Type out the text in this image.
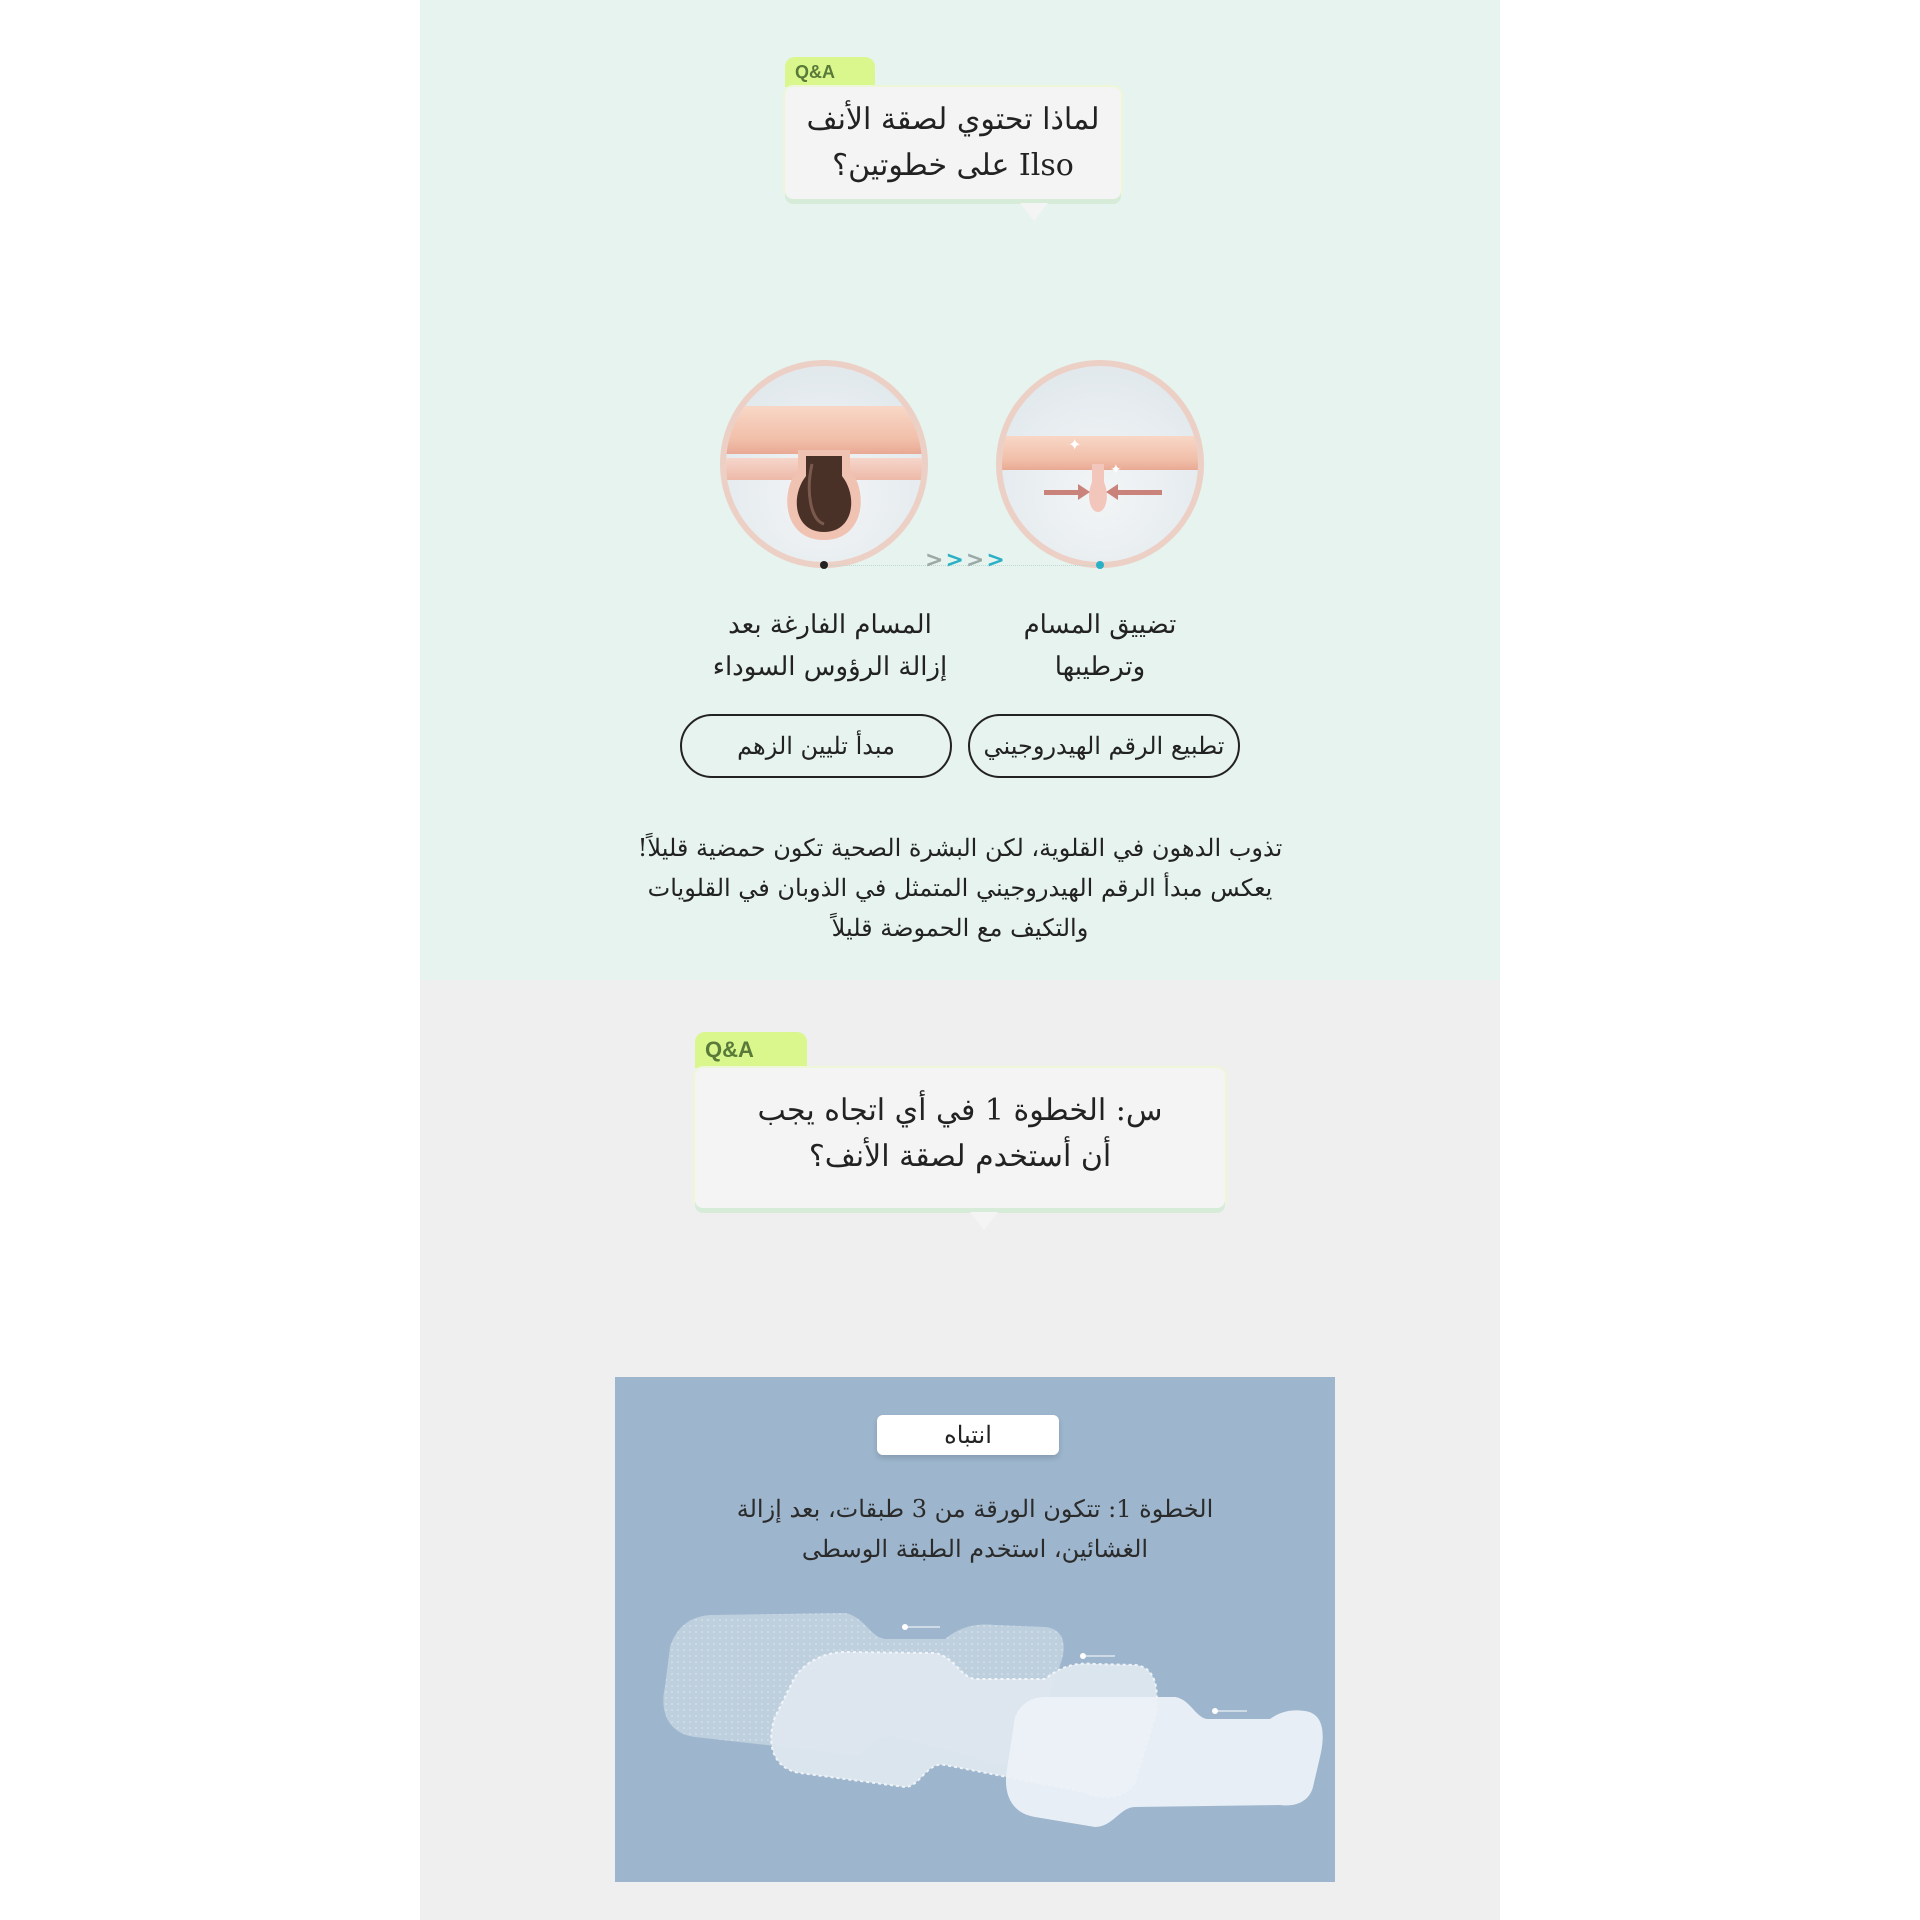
Q&A
لماذا تحتوي لصقة الأنف
Ilso على خطوتين؟
✦
✦
>>>>
المسام الفارغة بعد
إزالة الرؤوس السوداء
تضييق المسام
وترطيبها
مبدأ تليين الزهم	تطبيع الرقم الهيدروجيني
تذوب الدهون في القلوية، لكن البشرة الصحية تكون حمضية قليلاً!
يعكس مبدأ الرقم الهيدروجيني المتمثل في الذوبان في القلويات
والتكيف مع الحموضة قليلاً
Q&A
س: الخطوة 1 في أي اتجاه يجب
أن أستخدم لصقة الأنف؟
انتباه
الخطوة 1: تتكون الورقة من 3 طبقات، بعد إزالة
الغشائين، استخدم الطبقة الوسطى
